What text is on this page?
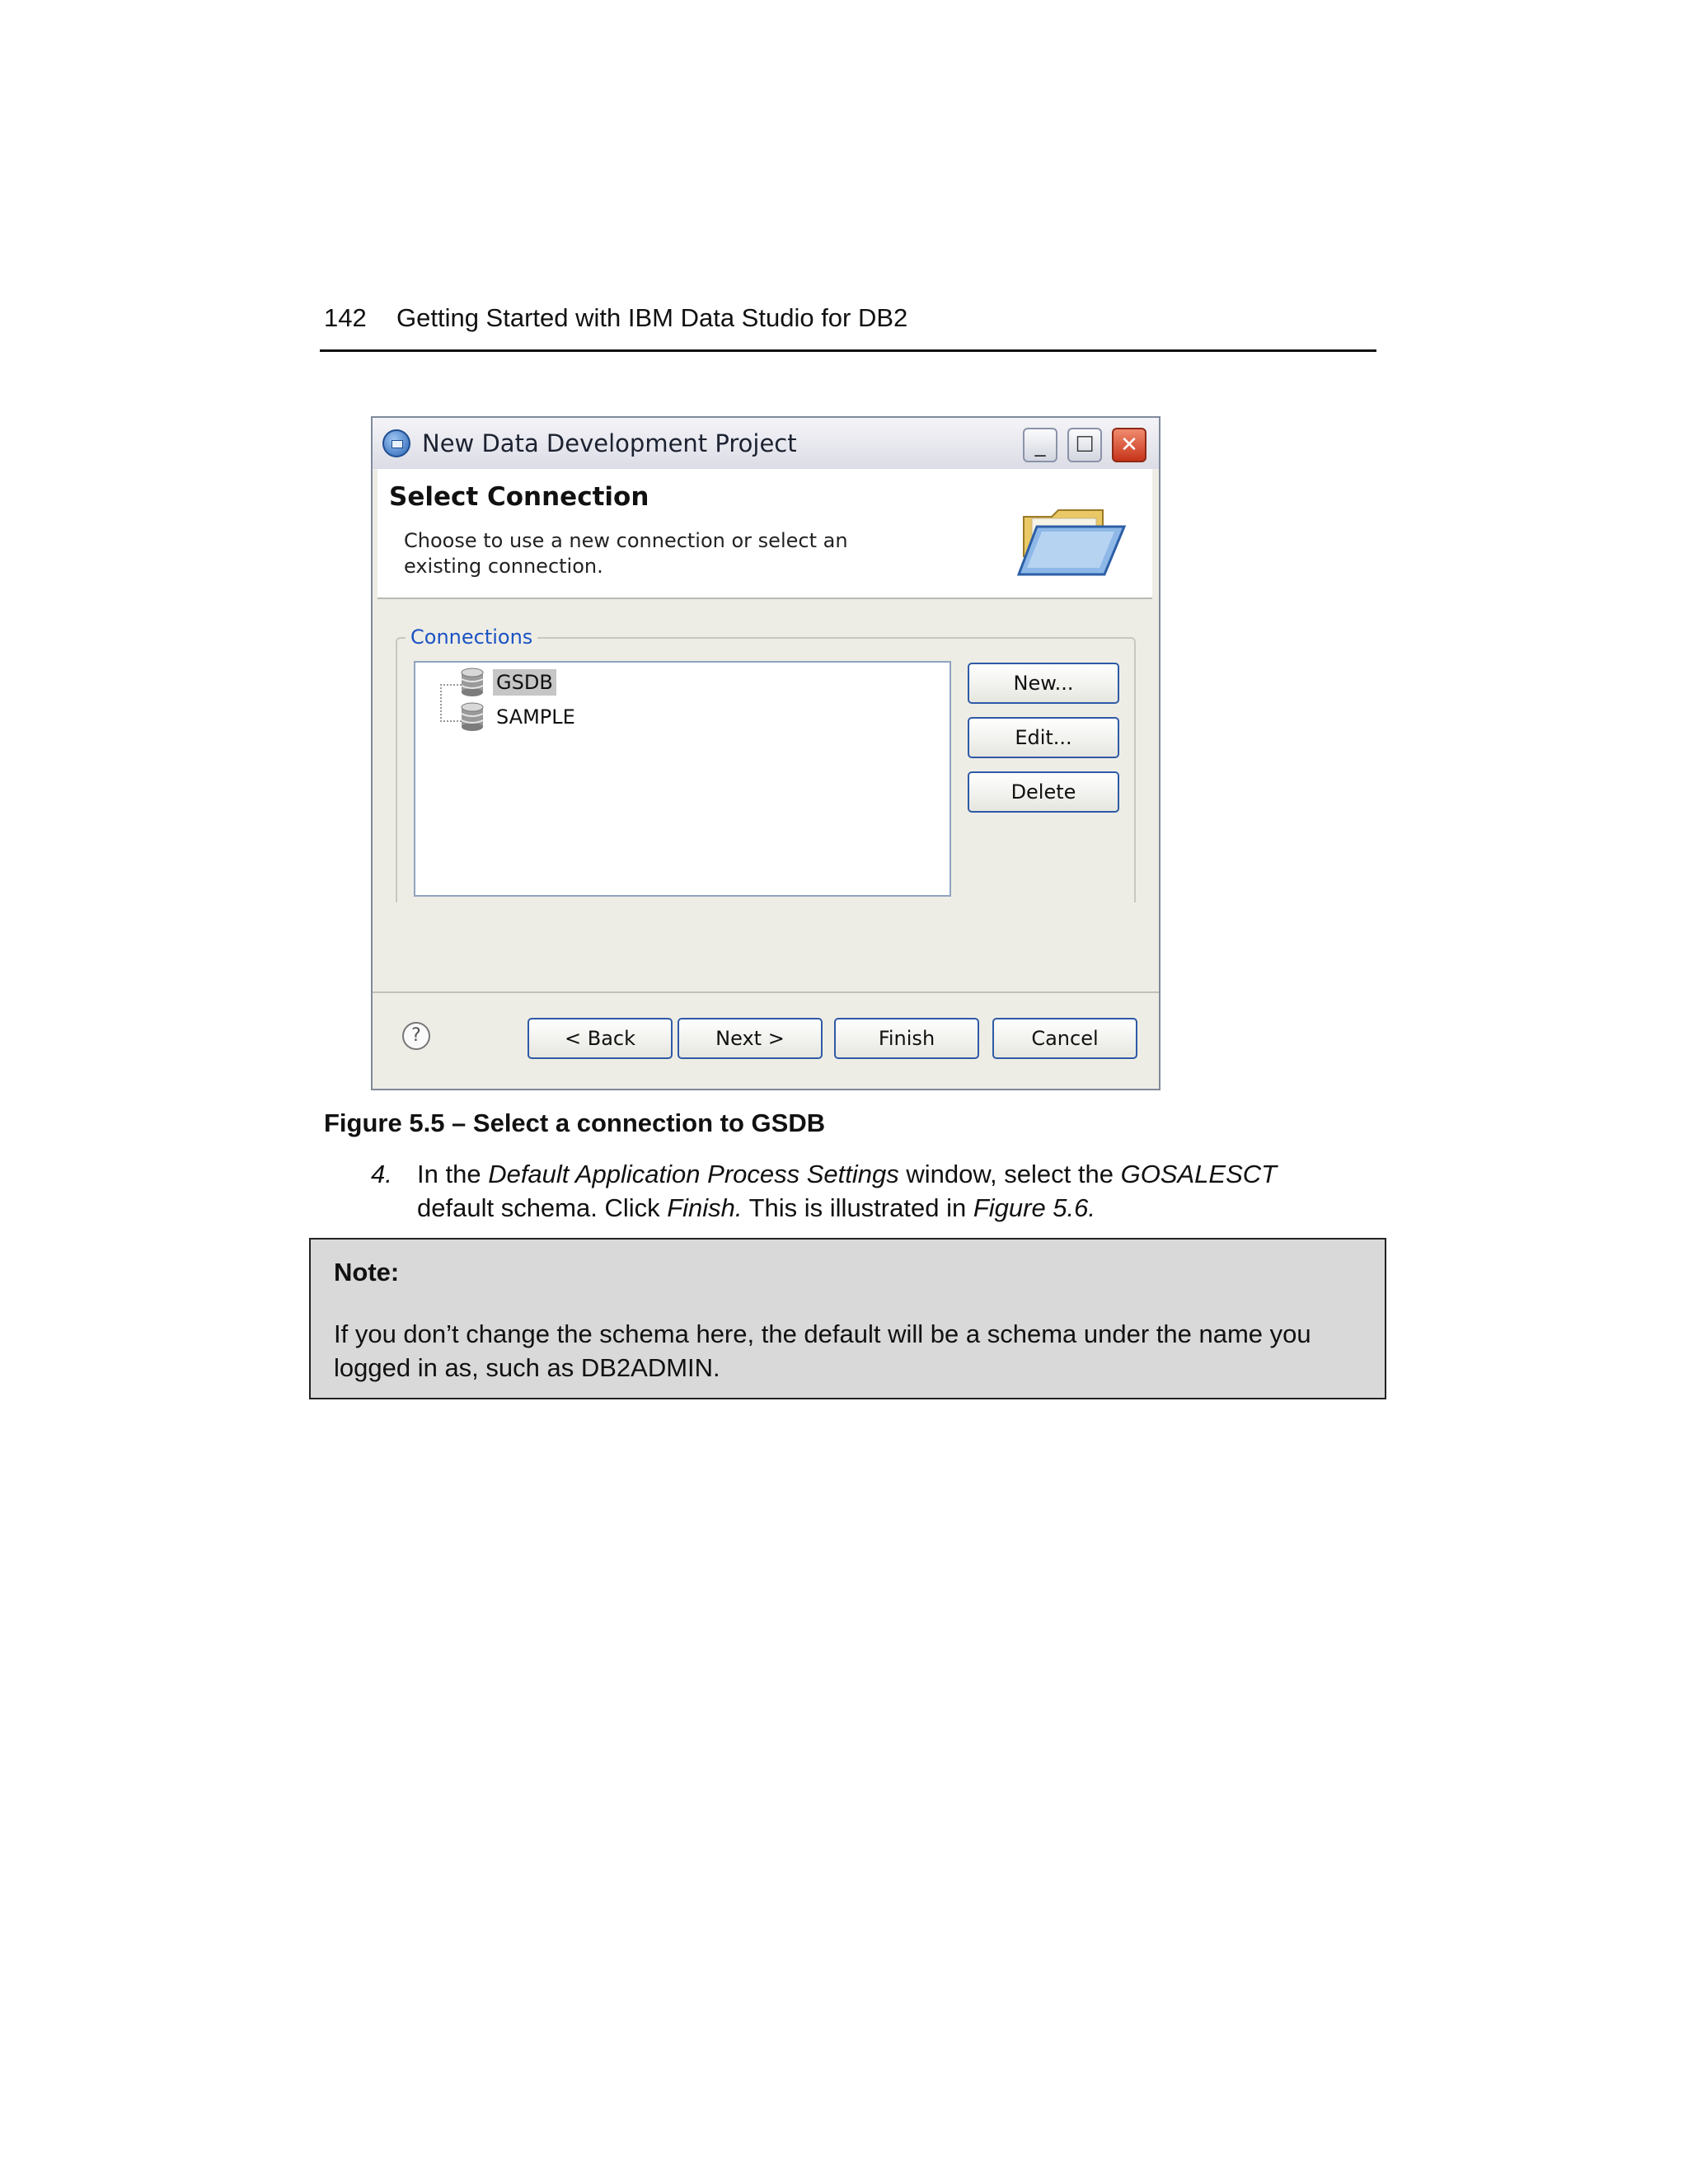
142 Getting Started with IBM Data Studio for DB2
New Data Development Project	_	☐	✕
Select Connection
Choose to use a new connection or select an existing connection.
Connections
GSDB
SAMPLE
New...
Edit...
Delete
?	< Back	Next >	Finish	Cancel
Figure 5.5 – Select a connection to GSDB
4. In the Default Application Process Settings window, select the GOSALESCT default schema. Click Finish. This is illustrated in Figure 5.6.
Note:
If you don’t change the schema here, the default will be a schema under the name you logged in as, such as DB2ADMIN.
